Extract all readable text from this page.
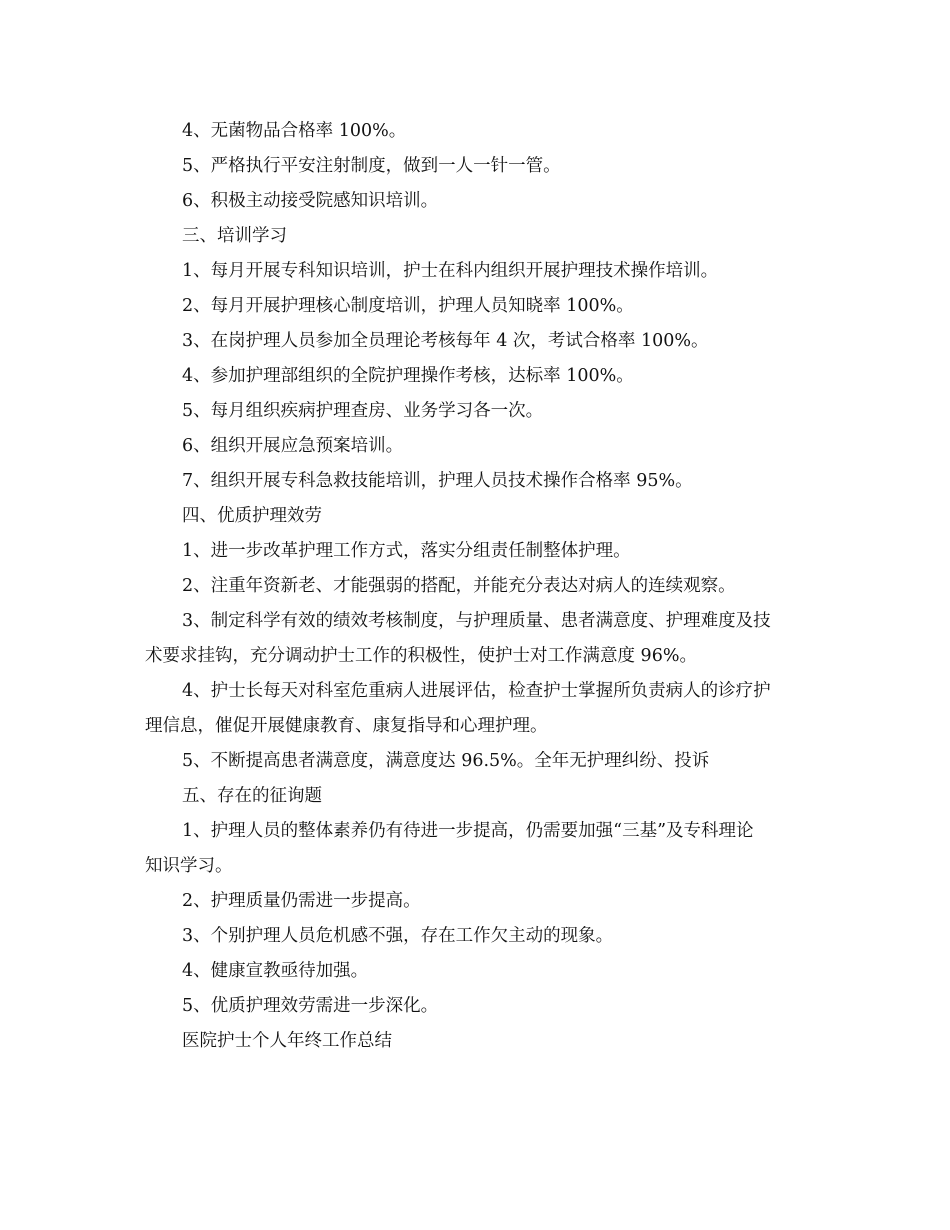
4、无菌物品合格率 100%。
5、严格执行平安注射制度，做到一人一针一管。
6、积极主动接受院感知识培训。
三、培训学习
1、每月开展专科知识培训，护士在科内组织开展护理技术操作培训。
2、每月开展护理核心制度培训，护理人员知晓率 100%。
3、在岗护理人员参加全员理论考核每年 4 次，考试合格率 100%。
4、参加护理部组织的全院护理操作考核，达标率 100%。
5、每月组织疾病护理查房、业务学习各一次。
6、组织开展应急预案培训。
7、组织开展专科急救技能培训，护理人员技术操作合格率 95%。
四、优质护理效劳
1、进一步改革护理工作方式，落实分组责任制整体护理。
2、注重年资新老、才能强弱的搭配，并能充分表达对病人的连续观察。
3、制定科学有效的绩效考核制度，与护理质量、患者满意度、护理难度及技
术要求挂钩，充分调动护士工作的积极性，使护士对工作满意度 96%。
4、护士长每天对科室危重病人进展评估，检查护士掌握所负责病人的诊疗护
理信息，催促开展健康教育、康复指导和心理护理。
5、不断提高患者满意度，满意度达 96.5%。全年无护理纠纷、投诉
五、存在的征询题
1、护理人员的整体素养仍有待进一步提高，仍需要加强“三基”及专科理论
知识学习。
2、护理质量仍需进一步提高。
3、个别护理人员危机感不强，存在工作欠主动的现象。
4、健康宣教亟待加强。
5、优质护理效劳需进一步深化。
医院护士个人年终工作总结
